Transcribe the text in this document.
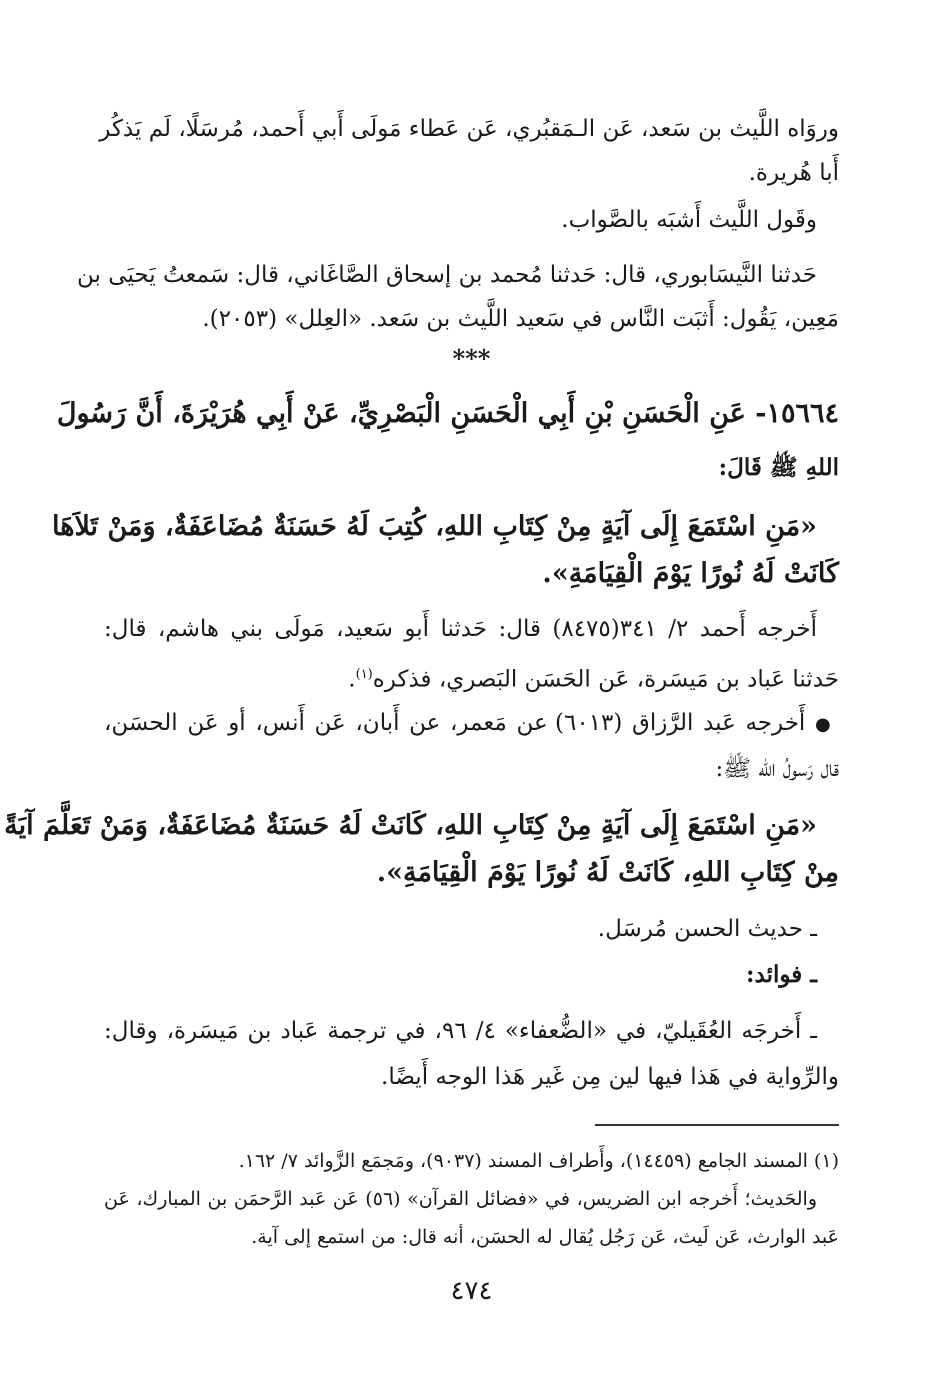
وروَاه اللَّيث بن سَعد، عَن الـمَقبُري، عَن عَطاء مَولَى أَبي أَحمد، مُرسَلًا، لَم يَذكُر
أَبا هُريرة.
وقَول اللَّيث أَشبَه بالصَّواب.
حَدثنا النَّيسَابوري، قال: حَدثنا مُحمد بن إسحاق الصَّاغَاني، قال: سَمعتُ يَحيَى بن
مَعِين، يَقُول: أَثبَت النَّاس في سَعيد اللَّيث بن سَعد. «العِلل» (٢٠٥٣).
***
١٥٦٦٤- عَنِ الْحَسَنِ بْنِ أَبِي الْحَسَنِ الْبَصْرِيِّ، عَنْ أَبِي هُرَيْرَةَ، أَنَّ رَسُولَ
اللهِ ﷺ قَالَ:
«مَنِ اسْتَمَعَ إِلَى آيَةٍ مِنْ كِتَابِ اللهِ، كُتِبَ لَهُ حَسَنَةٌ مُضَاعَفَةٌ، وَمَنْ تَلاَهَا
كَانَتْ لَهُ نُورًا يَوْمَ الْقِيَامَةِ».
أَخرجه أَحمد ٢/ ٣٤١(٨٤٧٥) قال: حَدثنا أَبو سَعيد، مَولَى بني هاشم، قال:
حَدثنا عَباد بن مَيسَرة، عَن الحَسَن البَصري، فذكره$^{(١)}$.
● أَخرجه عَبد الرَّزاق (٦٠١٣) عن مَعمر، عن أَبان، عَن أَنس، أو عَن الحسَن،
قال رَسولُ الله ﷺ:
«مَنِ اسْتَمَعَ إِلَى آيَةٍ مِنْ كِتَابِ اللهِ، كَانَتْ لَهُ حَسَنَةٌ مُضَاعَفَةٌ، وَمَنْ تَعَلَّمَ آيَةً
مِنْ كِتَابِ اللهِ، كَانَتْ لَهُ نُورًا يَوْمَ الْقِيَامَةِ».
ـ حديث الحسن مُرسَل.
ـ فوائد:
ـ أَخرجَه العُقَيليّ، في «الضُّعفاء» ٤/ ٩٦، في ترجمة عَباد بن مَيسَرة، وقال:
والرِّواية في هَذا فيها لين مِن غَير هَذا الوجه أَيضًا.
(١) المسند الجامع (١٤٤٥٩)، وأَطراف المسند (٩٠٣٧)، ومَجمَع الزَّوائد ٧/ ١٦٢.
والحَديث؛ أَخرجه ابن الضريس، في «فضائل القرآن» (٥٦) عَن عَبد الرَّحمَن بن المبارك، عَن
عَبد الوارث، عَن لَيث، عَن رَجُل يُقال له الحسَن، أنه قال: من استمع إلى آية.
٤٧٤
